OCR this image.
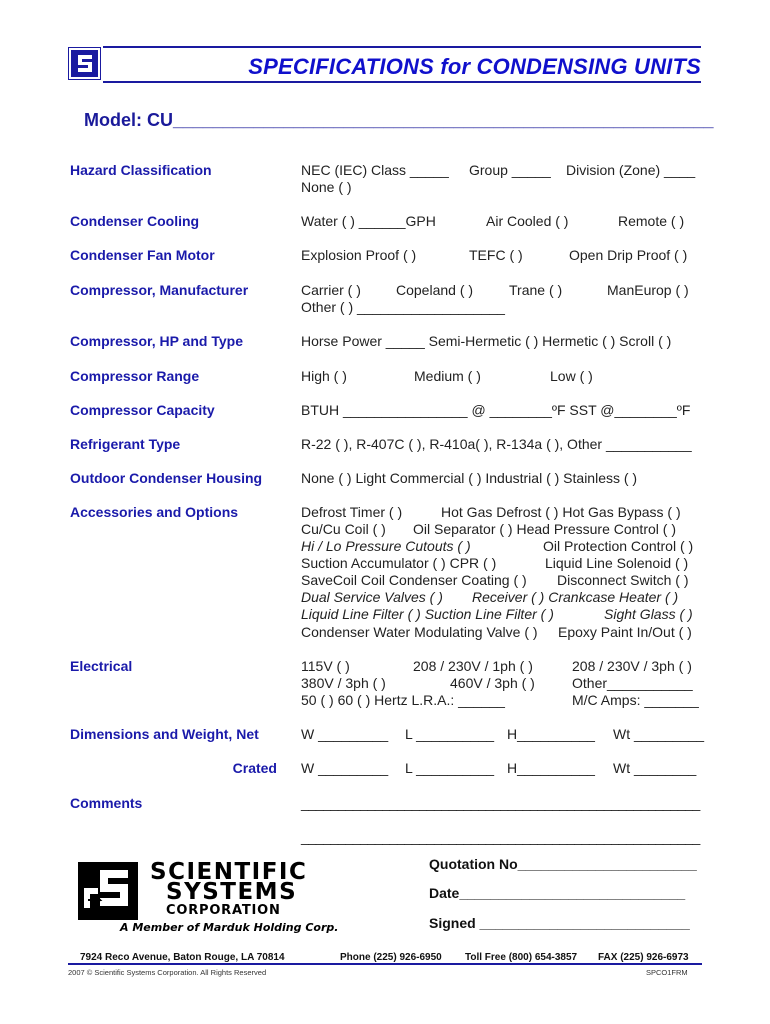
SPECIFICATIONS for CONDENSING UNITS
Model: CU______________________________________________________
Hazard Classification	NEC (IEC) Class _____ Group _____ Division (Zone) ____
None ( )
Condenser Cooling	Water ( ) ______GPH	Air Cooled ( )	Remote ( )
Condenser Fan Motor	Explosion Proof ( )	TEFC ( )	Open Drip Proof ( )
Compressor, Manufacturer	Carrier ( )	Copeland ( )	Trane ( )	ManEurop ( )
Other ( ) ___________________
Compressor, HP and Type	Horse Power _____ Semi-Hermetic ( ) Hermetic ( ) Scroll ( )
Compressor Range	High ( )	Medium ( )	Low ( )
Compressor Capacity	BTUH ________________ @ ________ºF SST @________ºF
Refrigerant Type	R-22 ( ), R-407C ( ), R-410a( ), R-134a ( ), Other ___________
Outdoor Condenser Housing	None ( ) Light Commercial ( ) Industrial ( ) Stainless ( )
Accessories and Options	Defrost Timer ( )	Hot Gas Defrost ( ) Hot Gas Bypass ( )
Cu/Cu Coil ( ) Oil Separator ( ) Head Pressure Control ( )
Hi / Lo Pressure Cutouts ( )	Oil Protection Control ( )
Suction Accumulator ( ) CPR ( )	Liquid Line Solenoid ( )
SaveCoil Coil Condenser Coating ( ) Disconnect Switch ( )
Dual Service Valves ( ) Receiver ( ) Crankcase Heater ( )
Liquid Line Filter ( ) Suction Line Filter ( )	Sight Glass ( )
Condenser Water Modulating Valve ( ) Epoxy Paint In/Out ( )
Electrical	115V ( )	208 / 230V / 1ph ( )	208 / 230V / 3ph ( )
380V / 3ph ( )	460V / 3ph ( )	Other___________
50 ( ) 60 ( ) Hertz L.R.A.: ______	M/C Amps: _______
Dimensions and Weight, Net	W _________ L __________ H__________ Wt _________
Crated W _________ L __________ H__________ Wt ________
Comments	______________________________________________________
______________________________________________________
SCIENTIFIC
SYSTEMS
CORPORATION
A Member of Marduk Holding Corp.
Quotation No_______________________
Date_____________________________
Signed ___________________________
7924 Reco Avenue, Baton Rouge, LA 70814	Phone (225) 926-6950 Toll Free (800) 654-3857 FAX (225) 926-6973
2007 © Scientific Systems Corporation. All Rights Reserved	SPCO1FRM
